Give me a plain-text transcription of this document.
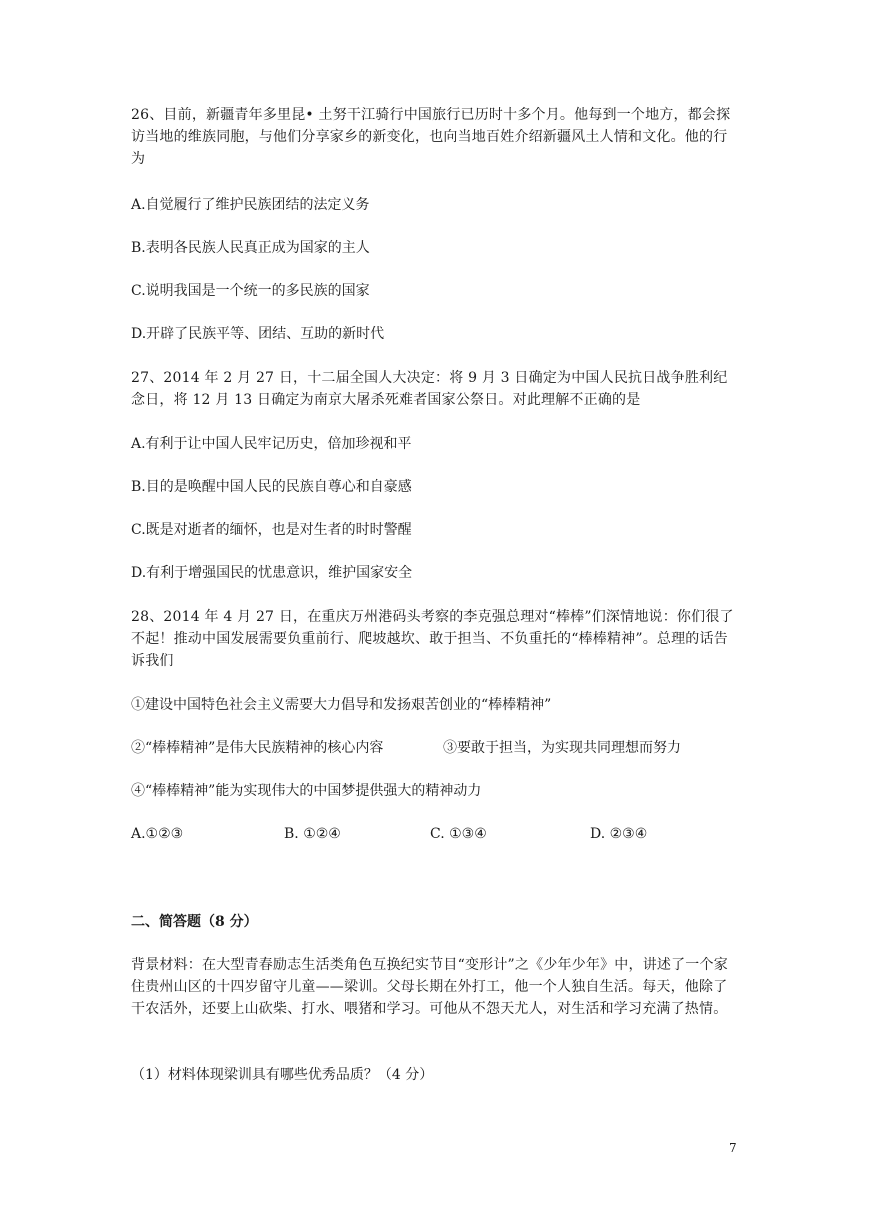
26、目前，新疆青年多里昆• 土努干江骑行中国旅行已历时十多个月。他每到一个地方，都会探访当地的维族同胞，与他们分享家乡的新变化，也向当地百姓介绍新疆风土人情和文化。他的行为

A.自觉履行了维护民族团结的法定义务

B.表明各民族人民真正成为国家的主人

C.说明我国是一个统一的多民族的国家

D.开辟了民族平等、团结、互助的新时代

27、2014 年 2 月 27 日，十二届全国人大决定：将 9 月 3 日确定为中国人民抗日战争胜利纪念日，将 12 月 13 日确定为南京大屠杀死难者国家公祭日。对此理解不正确的是

A.有利于让中国人民牢记历史，倍加珍视和平

B.目的是唤醒中国人民的民族自尊心和自豪感

C.既是对逝者的缅怀，也是对生者的时时警醒

D.有利于增强国民的忧患意识，维护国家安全

28、2014 年 4 月 27 日，在重庆万州港码头考察的李克强总理对“棒棒”们深情地说：你们很了不起！推动中国发展需要负重前行、爬坡越坎、敢于担当、不负重托的“棒棒精神”。总理的话告诉我们

①建设中国特色社会主义需要大力倡导和发扬艰苦创业的“棒棒精神”

②“棒棒精神”是伟大民族精神的核心内容	③要敢于担当，为实现共同理想而努力

④“棒棒精神”能为实现伟大的中国梦提供强大的精神动力

A.①②③	B. ①②④	C. ①③④	D. ②③④

二、简答题（8 分）

背景材料：在大型青春励志生活类角色互换纪实节目“变形计”之《少年少年》中，讲述了一个家住贵州山区的十四岁留守儿童——梁训。父母长期在外打工，他一个人独自生活。每天，他除了干农活外，还要上山砍柴、打水、喂猪和学习。可他从不怨天尤人，对生活和学习充满了热情。

（1）材料体现梁训具有哪些优秀品质？（4 分）

7
